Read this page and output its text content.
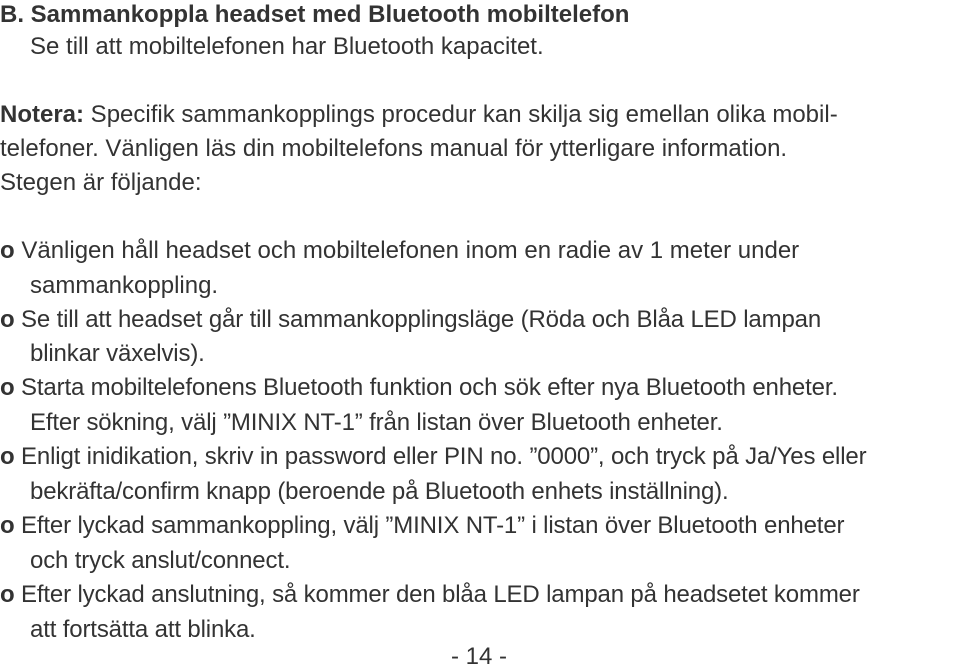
B. Sammankoppla headset med Bluetooth mobiltelefon
Se till att mobiltelefonen har Bluetooth kapacitet.
Notera: Specifik sammankopplings procedur kan skilja sig emellan olika mobil-
telefoner. Vänligen läs din mobiltelefons manual för ytterligare information.
Stegen är följande:
o Vänligen håll headset och mobiltelefonen inom en radie av 1 meter under
sammankoppling.
o Se till att headset går till sammankopplingsläge (Röda och Blåa LED lampan
blinkar växelvis).
o Starta mobiltelefonens Bluetooth funktion och sök efter nya Bluetooth enheter.
Efter sökning, välj ”MINIX NT-1” från listan över Bluetooth enheter.
o Enligt inidikation, skriv in password eller PIN no. ”0000”, och tryck på Ja/Yes eller
bekräfta/confirm knapp (beroende på Bluetooth enhets inställning).
o Efter lyckad sammankoppling, välj ”MINIX NT-1” i listan över Bluetooth enheter
och tryck anslut/connect.
o Efter lyckad anslutning, så kommer den blåa LED lampan på headsetet kommer
att fortsätta att blinka.
- 14 -
